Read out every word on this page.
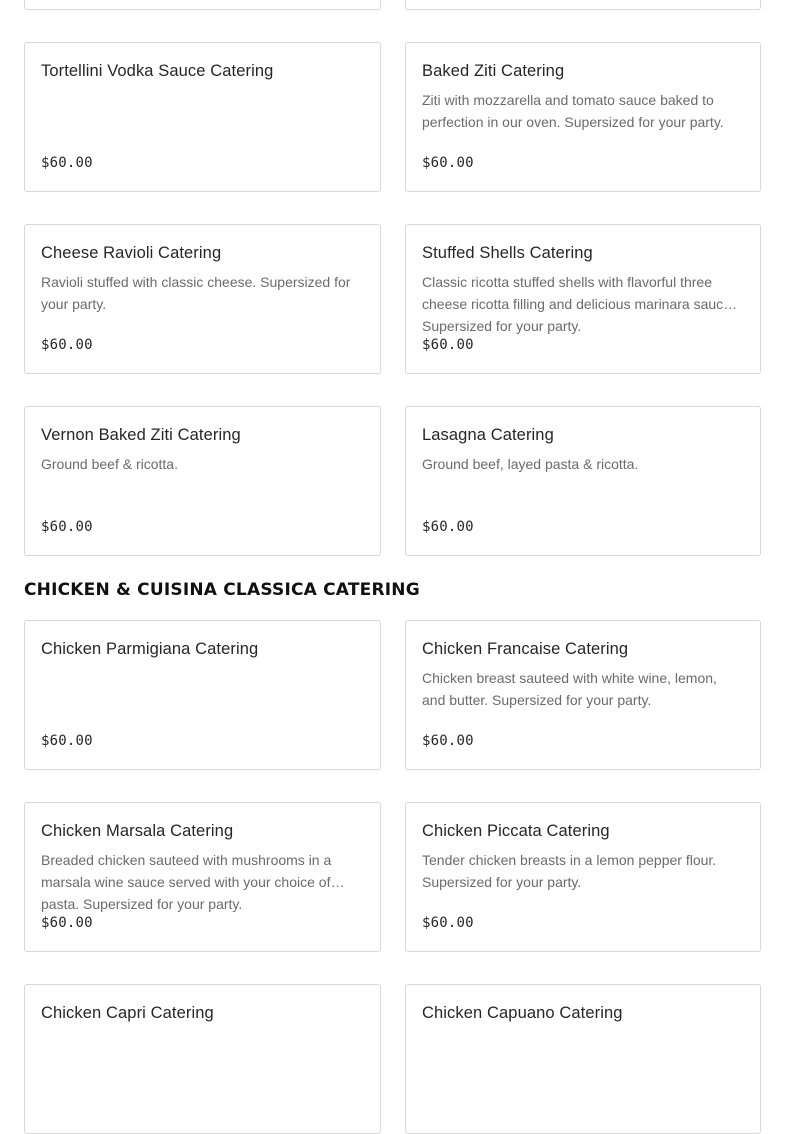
Tortellini Vodka Sauce Catering
$60.00
Baked Ziti Catering
Ziti with mozzarella and tomato sauce baked to perfection in our oven. Supersized for your party.
$60.00
Cheese Ravioli Catering
Ravioli stuffed with classic cheese. Supersized for your party.
$60.00
Stuffed Shells Catering
Classic ricotta stuffed shells with flavorful three cheese ricotta filling and delicious marinara sauce. Supersized for your party.
$60.00
Vernon Baked Ziti Catering
Ground beef & ricotta.
$60.00
Lasagna Catering
Ground beef, layed pasta & ricotta.
$60.00
CHICKEN & CUISINA CLASSICA CATERING
Chicken Parmigiana Catering
$60.00
Chicken Francaise Catering
Chicken breast sauteed with white wine, lemon, and butter. Supersized for your party.
$60.00
Chicken Marsala Catering
Breaded chicken sauteed with mushrooms in a marsala wine sauce served with your choice of pasta. Supersized for your party.
$60.00
Chicken Piccata Catering
Tender chicken breasts in a lemon pepper flour. Supersized for your party.
$60.00
Chicken Capri Catering	Chicken Capuano Catering
